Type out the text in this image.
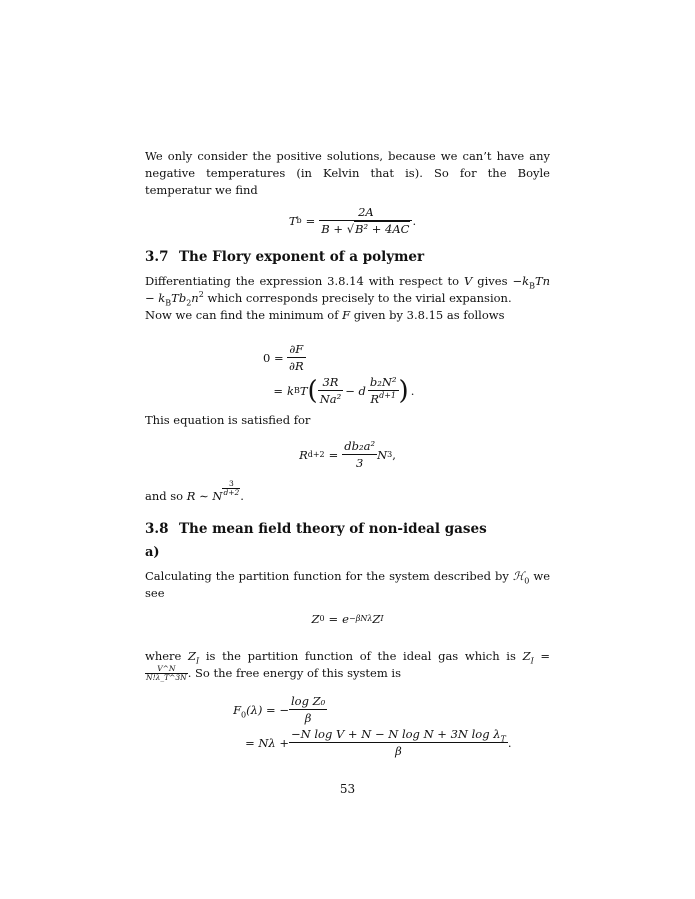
We only consider the positive solutions, because we can’t have any negative temperatures (in Kelvin that is). So for the Boyle temperatur we find

T $b = \frac{2A}{\text{B + √B² + 4AC}}$ .
3.7 The Flory exponent of a polymer

Differentiating the expression 3.8.14 with respect to V gives $-k_BTn - k_BTb_2n^2$ which corresponds precisely to the virial expansion.

Now we can find the minimum of F given by 3.8.15 as follows

$0 = \frac{\partial F}{\partial R}$
= k B T ( $\frac{3R}{\text{Na²}} - d \frac{\text{b₂N²}}{R^{d+1}}$ ) .

This equation is satisfied for

R $d+2 = \frac{\text{db₂a²}}{3}$ N 3 ,

and so R ∼ N $\frac{3}{d+2}$ .

3.8 The mean field theory of non-ideal gases
a)

Calculating the partition function for the system described by ℋ$_0$ we see

Z 0 = e −βNλ Z I

where $Z_I$ is the partition function of the ideal gas which is $Z_I$ =
$\frac{V\^{}N}{N!\lambda\_T\^{}3N}$ . So the free energy of this system is

$F_0(\lambda)$ = − $\frac{\text{log Z₀}}{\beta}$
= $N\lambda + \frac{-N \log V + N - N \log N + 3N \log \lambda_T}{\beta}$ .
53
